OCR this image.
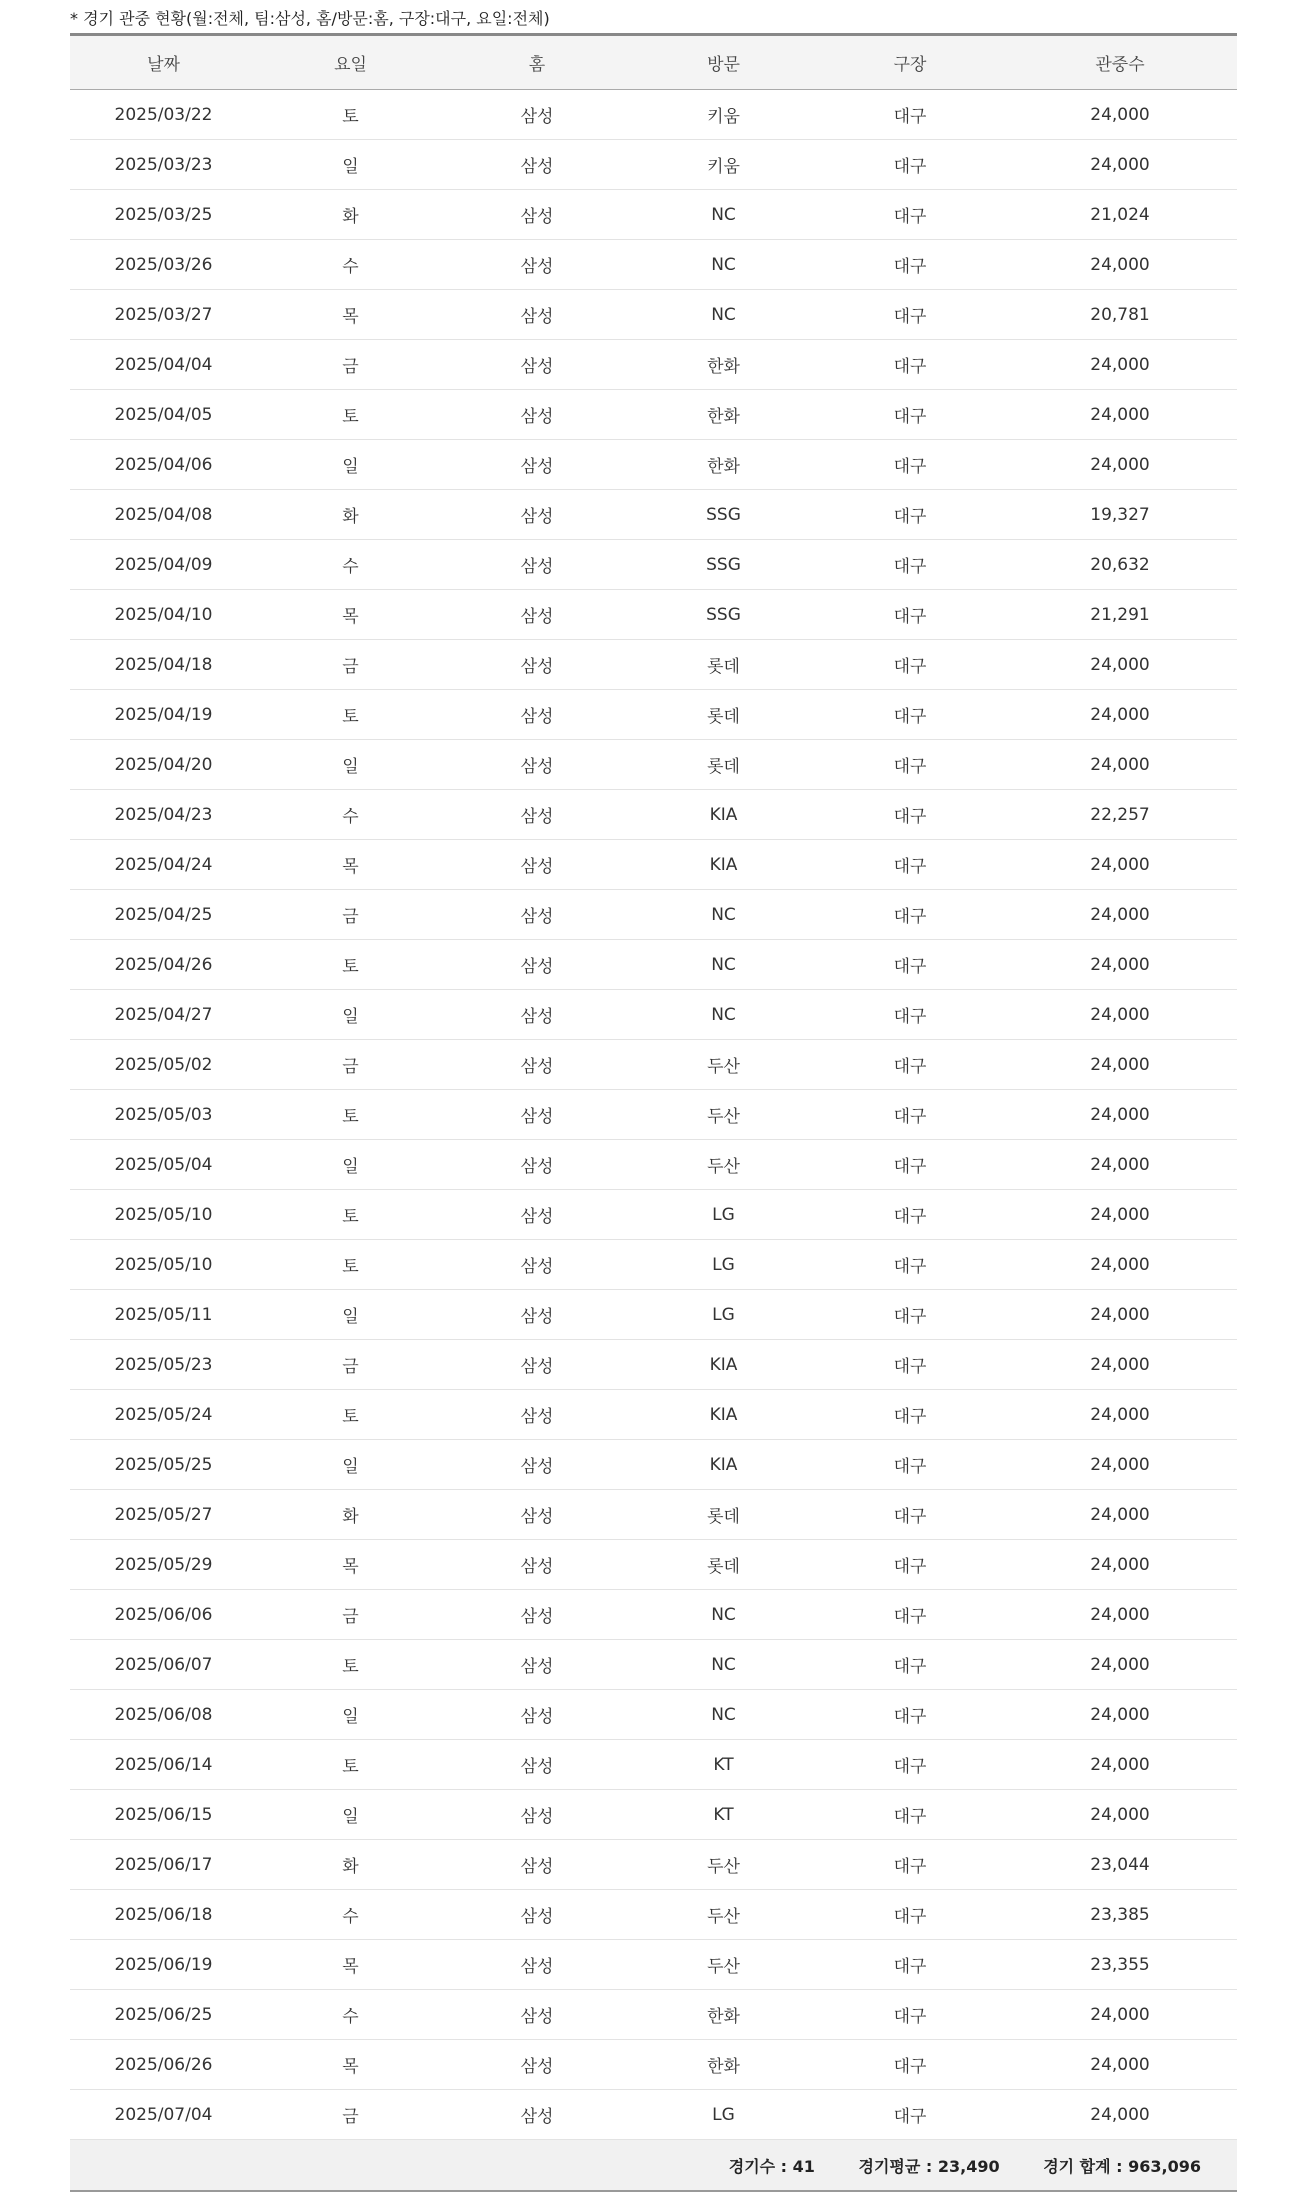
* 경기 관중 현황(월:전체, 팀:삼성, 홈/방문:홈, 구장:대구, 요일:전체)
날짜	요일	홈	방문	구장	관중수
2025/03/22	토	삼성	키움	대구	24,000
2025/03/23	일	삼성	키움	대구	24,000
2025/03/25	화	삼성	NC	대구	21,024
2025/03/26	수	삼성	NC	대구	24,000
2025/03/27	목	삼성	NC	대구	20,781
2025/04/04	금	삼성	한화	대구	24,000
2025/04/05	토	삼성	한화	대구	24,000
2025/04/06	일	삼성	한화	대구	24,000
2025/04/08	화	삼성	SSG	대구	19,327
2025/04/09	수	삼성	SSG	대구	20,632
2025/04/10	목	삼성	SSG	대구	21,291
2025/04/18	금	삼성	롯데	대구	24,000
2025/04/19	토	삼성	롯데	대구	24,000
2025/04/20	일	삼성	롯데	대구	24,000
2025/04/23	수	삼성	KIA	대구	22,257
2025/04/24	목	삼성	KIA	대구	24,000
2025/04/25	금	삼성	NC	대구	24,000
2025/04/26	토	삼성	NC	대구	24,000
2025/04/27	일	삼성	NC	대구	24,000
2025/05/02	금	삼성	두산	대구	24,000
2025/05/03	토	삼성	두산	대구	24,000
2025/05/04	일	삼성	두산	대구	24,000
2025/05/10	토	삼성	LG	대구	24,000
2025/05/10	토	삼성	LG	대구	24,000
2025/05/11	일	삼성	LG	대구	24,000
2025/05/23	금	삼성	KIA	대구	24,000
2025/05/24	토	삼성	KIA	대구	24,000
2025/05/25	일	삼성	KIA	대구	24,000
2025/05/27	화	삼성	롯데	대구	24,000
2025/05/29	목	삼성	롯데	대구	24,000
2025/06/06	금	삼성	NC	대구	24,000
2025/06/07	토	삼성	NC	대구	24,000
2025/06/08	일	삼성	NC	대구	24,000
2025/06/14	토	삼성	KT	대구	24,000
2025/06/15	일	삼성	KT	대구	24,000
2025/06/17	화	삼성	두산	대구	23,044
2025/06/18	수	삼성	두산	대구	23,385
2025/06/19	목	삼성	두산	대구	23,355
2025/06/25	수	삼성	한화	대구	24,000
2025/06/26	목	삼성	한화	대구	24,000
2025/07/04	금	삼성	LG	대구	24,000
경기수 : 41 경기평균 : 23,490 경기 합계 : 963,096					
